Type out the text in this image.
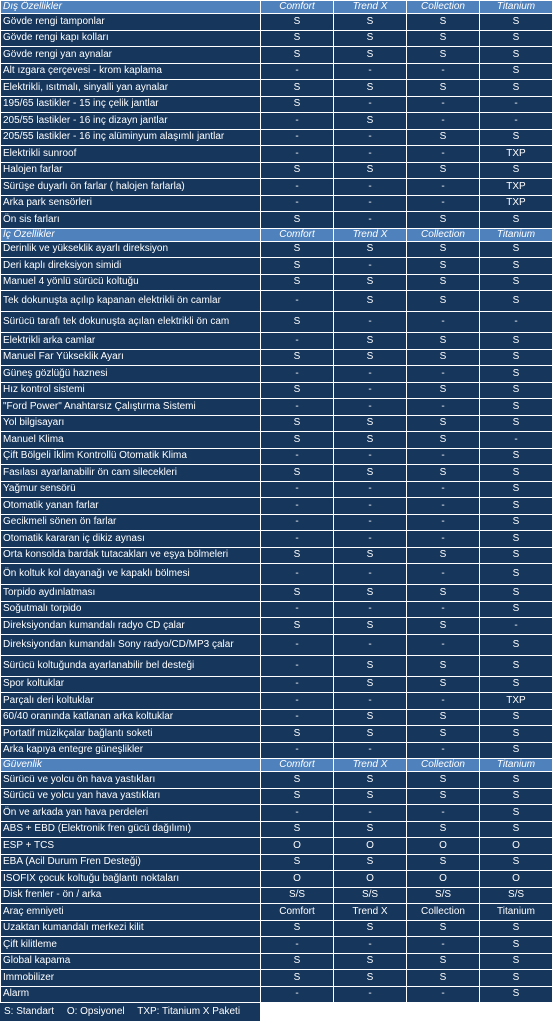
Dış Özellikler	Comfort	Trend X	Collection	Titanium
Gövde rengi tamponlar	S	S	S	S
Gövde rengi kapı kolları	S	S	S	S
Gövde rengi yan aynalar	S	S	S	S
Alt ızgara çerçevesi - krom kaplama	-	-	-	S
Elektrikli, ısıtmalı, sinyalli yan aynalar	S	S	S	S
195/65 lastikler - 15 inç çelik jantlar	S	-	-	-
205/55 lastikler - 16 inç dizayn jantlar	-	S	-	-
205/55 lastikler - 16 inç alüminyum alaşımlı jantlar	-	-	S	S
Elektrikli sunroof	-	-	-	TXP
Halojen farlar	S	S	S	S
Sürüşe duyarlı ön farlar ( halojen farlarla)	-	-	-	TXP
Arka park sensörleri	-	-	-	TXP
Ön sis farları	S	-	S	S
İç Özellikler	Comfort	Trend X	Collection	Titanium
Derinlik ve yükseklik ayarlı direksiyon	S	S	S	S
Deri kaplı direksiyon simidi	S	-	S	S
Manuel 4 yönlü sürücü koltuğu	S	S	S	S
Tek dokunuşta açılıp kapanan elektrikli ön camlar	-	S	S	S
Sürücü tarafı tek dokunuşta açılan elektrikli ön cam	S	-	-	-
Elektrikli arka camlar	-	S	S	S
Manuel Far Yükseklik Ayarı	S	S	S	S
Güneş gözlüğü haznesi	-	-	-	S
Hız kontrol sistemi	S	-	S	S
"Ford Power" Anahtarsız Çalıştırma Sistemi	-	-	-	S
Yol bilgisayarı	S	S	S	S
Manuel Klima	S	S	S	-
Çift Bölgeli İklim Kontrollü Otomatik Klima	-	-	-	S
Fasılası ayarlanabilir ön cam silecekleri	S	S	S	S
Yağmur sensörü	-	-	-	S
Otomatik yanan farlar	-	-	-	S
Gecikmeli sönen ön farlar	-	-	-	S
Otomatik kararan iç dikiz aynası	-	-	-	S
Orta konsolda bardak tutacakları ve eşya bölmeleri	S	S	S	S
Ön koltuk kol dayanağı ve kapaklı bölmesi	-	-	-	S
Torpido aydınlatması	S	S	S	S
Soğutmalı torpido	-	-	-	S
Direksiyondan kumandalı radyo CD çalar	S	S	S	-
Direksiyondan kumandalı Sony radyo/CD/MP3 çalar	-	-	-	S
Sürücü koltuğunda ayarlanabilir bel desteği	-	S	S	S
Spor koltuklar	-	S	S	S
Parçalı deri koltuklar	-	-	-	TXP
60/40 oranında katlanan arka koltuklar	-	S	S	S
Portatif müzikçalar bağlantı soketi	S	S	S	S
Arka kapıya entegre güneşlikler	-	-	-	S
Güvenlik	Comfort	Trend X	Collection	Titanium
Sürücü ve yolcu ön hava yastıkları	S	S	S	S
Sürücü ve yolcu yan hava yastıkları	S	S	S	S
Ön ve arkada yan hava perdeleri	-	-	-	S
ABS + EBD (Elektronik fren gücü dağılımı)	S	S	S	S
ESP + TCS	O	O	O	O
EBA (Acil Durum Fren Desteği)	S	S	S	S
ISOFIX çocuk koltuğu bağlantı noktaları	O	O	O	O
Disk frenler - ön / arka	S/S	S/S	S/S	S/S
Araç emniyeti	Comfort	Trend X	Collection	Titanium
Uzaktan kumandalı merkezi kilit	S	S	S	S
Çift kilitleme	-	-	-	S
Global kapama	S	S	S	S
Immobilizer	S	S	S	S
Alarm	-	-	-	S
S: Standart O: Opsiyonel TXP: Titanium X Paketi
